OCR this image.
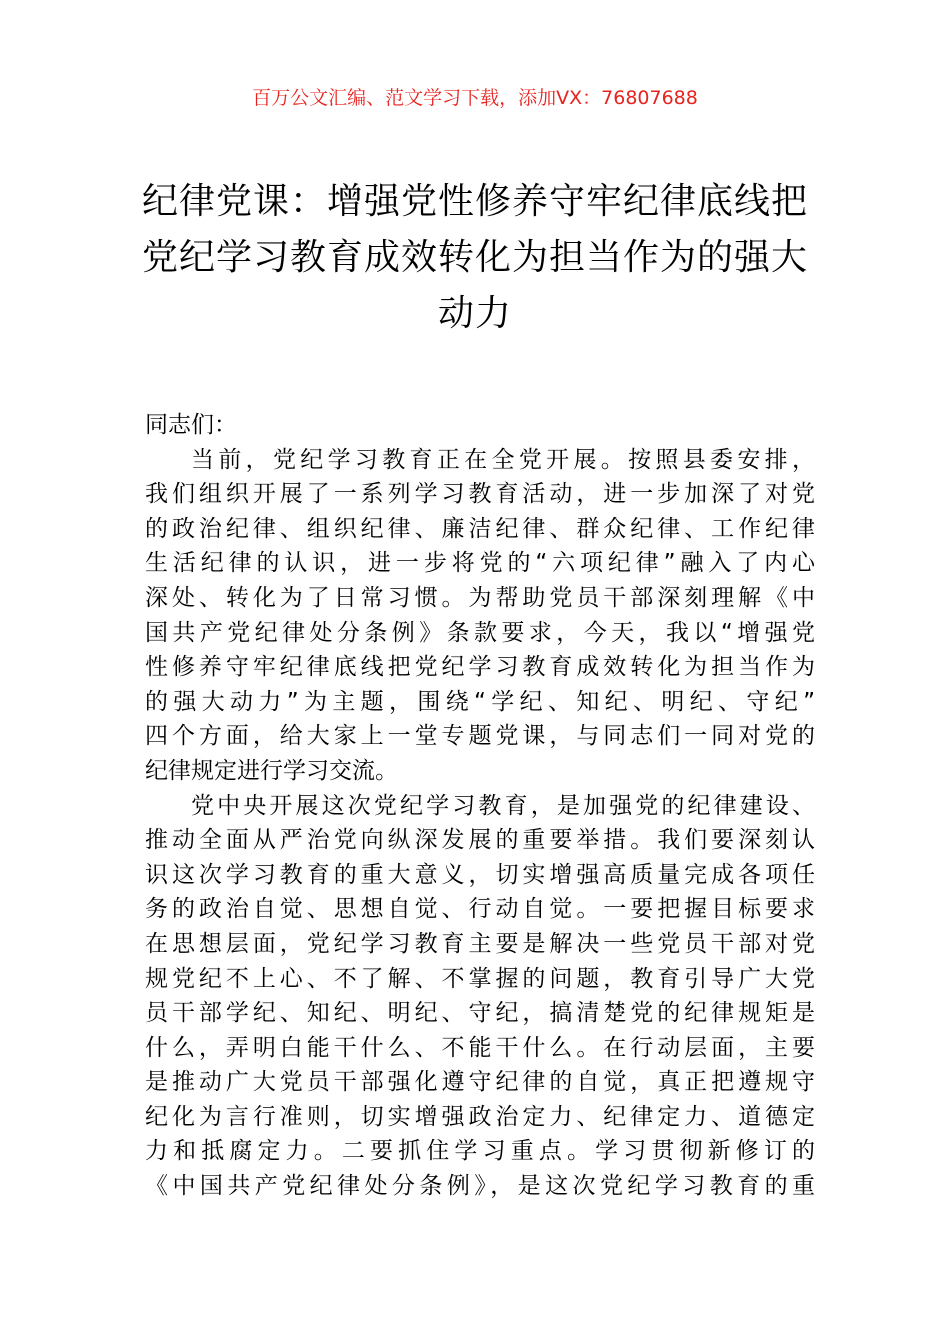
百万公文汇编、范文学习下载，添加VX：76807688
纪律党课：增强党性修养守牢纪律底线把
党纪学习教育成效转化为担当作为的强大
动力

同志们：

当前，党纪学习教育正在全党开展。按照县委安排，
我们组织开展了一系列学习教育活动，进一步加深了对党
的政治纪律、组织纪律、廉洁纪律、群众纪律、工作纪律
生活纪律的认识，进一步将党的“六项纪律”融入了内心
深处、转化为了日常习惯。为帮助党员干部深刻理解《中
国共产党纪律处分条例》条款要求，今天，我以“增强党
性修养守牢纪律底线把党纪学习教育成效转化为担当作为
的强大动力”为主题，围绕“学纪、知纪、明纪、守纪”
四个方面，给大家上一堂专题党课，与同志们一同对党的
纪律规定进行学习交流。

党中央开展这次党纪学习教育，是加强党的纪律建设、
推动全面从严治党向纵深发展的重要举措。我们要深刻认
识这次学习教育的重大意义，切实增强高质量完成各项任
务的政治自觉、思想自觉、行动自觉。一要把握目标要求
在思想层面，党纪学习教育主要是解决一些党员干部对党
规党纪不上心、不了解、不掌握的问题，教育引导广大党
员干部学纪、知纪、明纪、守纪，搞清楚党的纪律规矩是
什么，弄明白能干什么、不能干什么。在行动层面，主要
是推动广大党员干部强化遵守纪律的自觉，真正把遵规守
纪化为言行准则，切实增强政治定力、纪律定力、道德定
力和抵腐定力。二要抓住学习重点。学习贯彻新修订的
《中国共产党纪律处分条例》，是这次党纪学习教育的重
